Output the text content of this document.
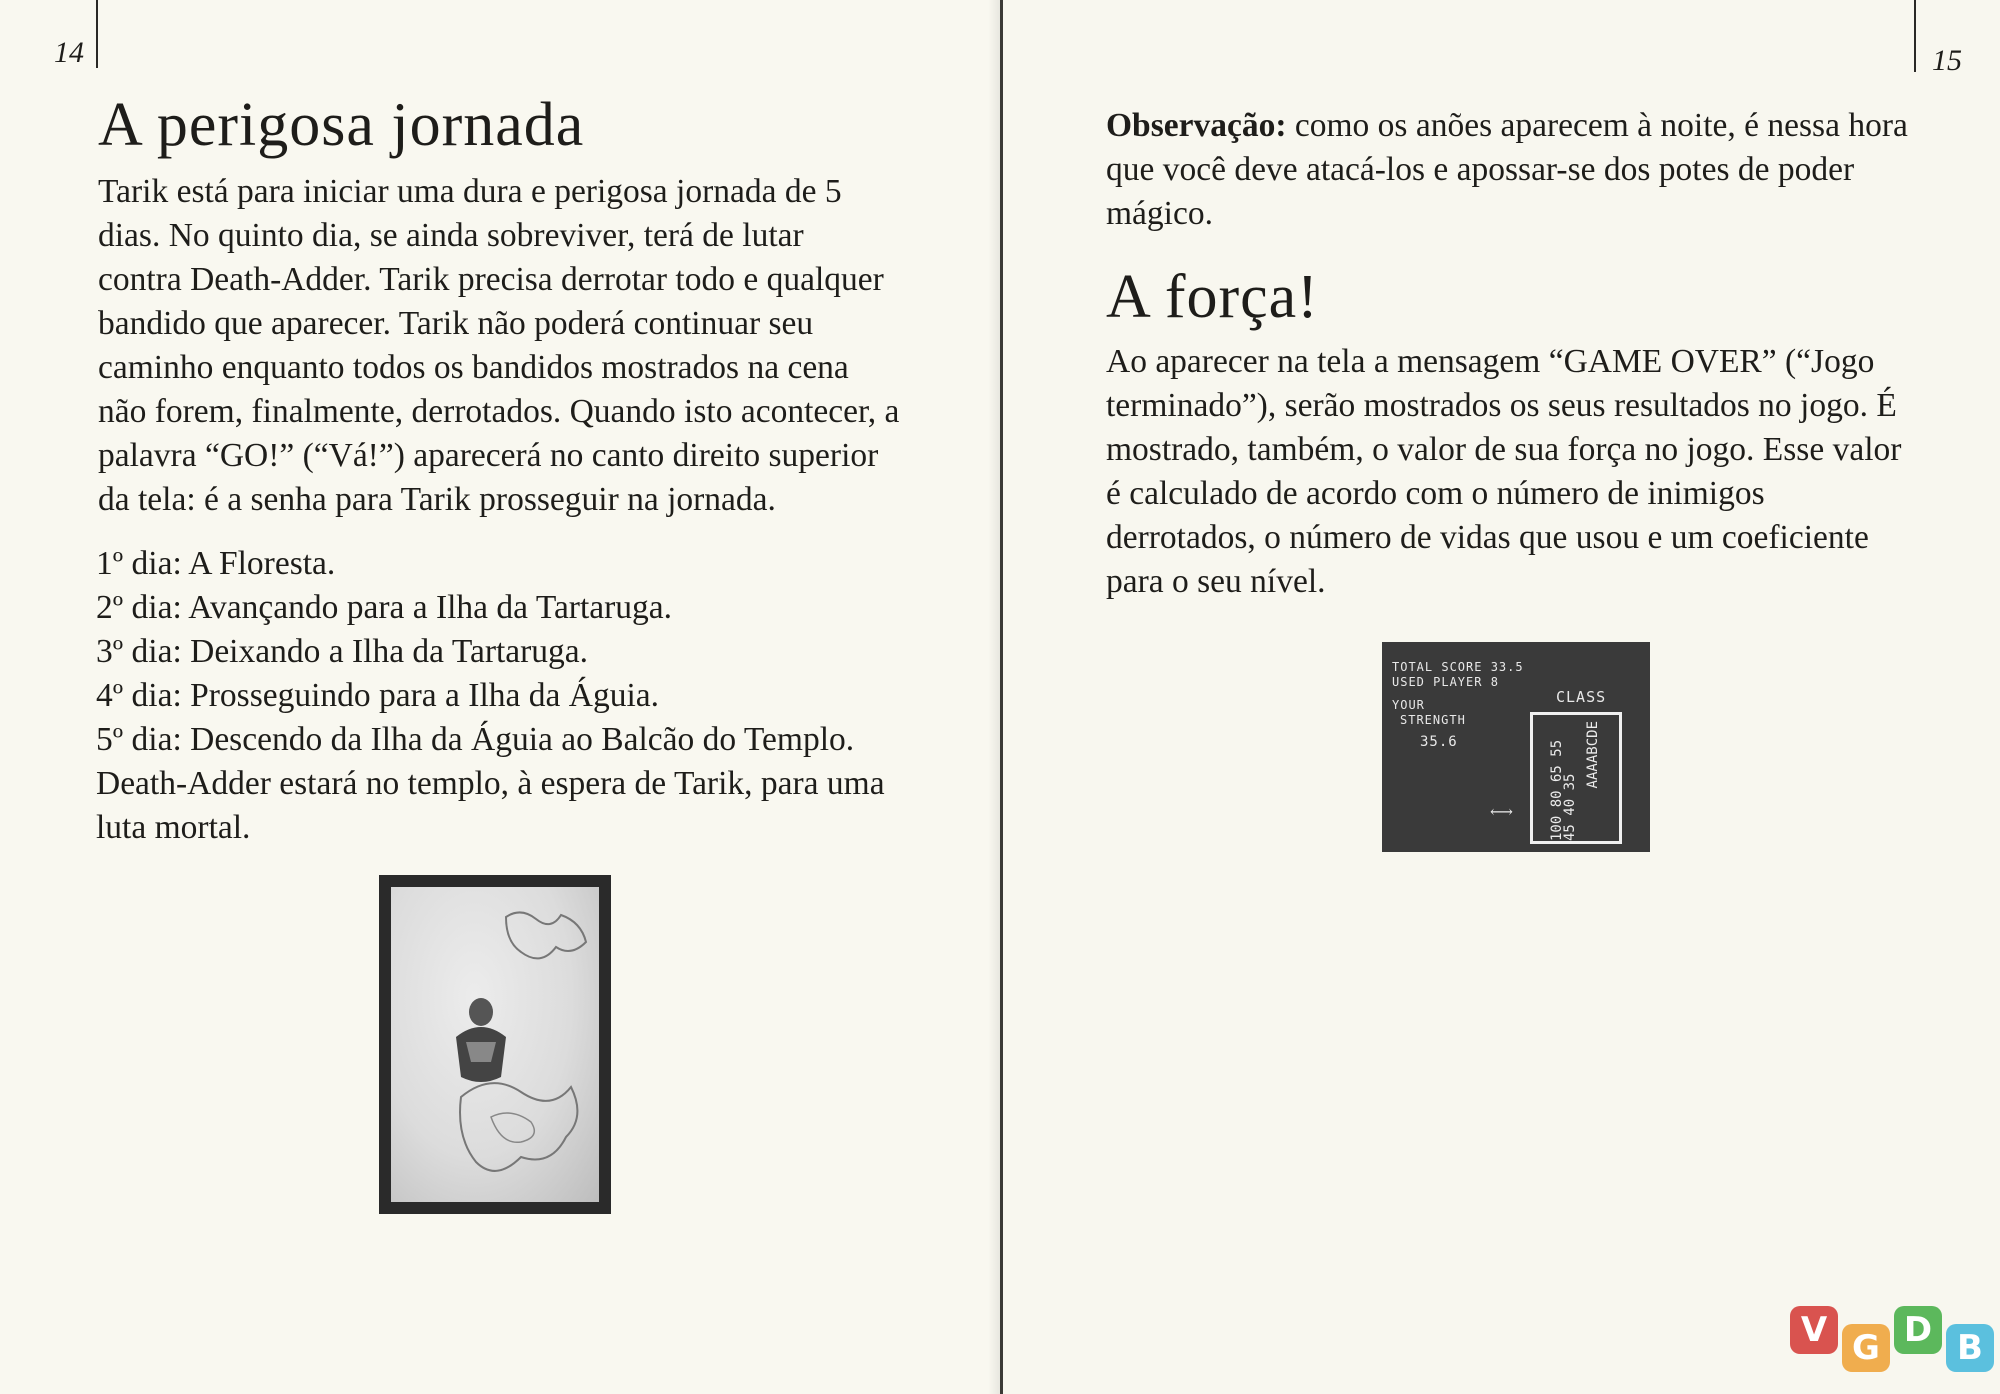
14	15
A perigosa jornada

Tarik está para iniciar uma dura e perigosa jornada de 5

dias. No quinto dia, se ainda sobreviver, terá de lutar

contra Death-Adder. Tarik precisa derrotar todo e qualquer

bandido que aparecer. Tarik não poderá continuar seu

caminho enquanto todos os bandidos mostrados na cena

não forem, finalmente, derrotados. Quando isto acontecer, a

palavra “GO!” (“Vá!”) aparecerá no canto direito superior

da tela: é a senha para Tarik prosseguir na jornada.

1º dia: A Floresta.

2º dia: Avançando para a Ilha da Tartaruga.

3º dia: Deixando a Ilha da Tartaruga.

4º dia: Prosseguindo para a Ilha da Águia.

5º dia: Descendo da Ilha da Águia ao Balcão do Templo.

Death-Adder estará no templo, à espera de Tarik, para uma

luta mortal.

Observação: como os anões aparecem à noite, é nessa hora

que você deve atacá-los e apossar-se dos potes de poder

mágico.

A força!

Ao aparecer na tela a mensagem “GAME OVER” (“Jogo

terminado”), serão mostrados os seus resultados no jogo. É

mostrado, também, o valor de sua força no jogo. Esse valor

é calculado de acordo com o número de inimigos

derrotados, o número de vidas que usou e um coeficiente

para o seu nível.

TOTAL SCORE 33.5
USED PLAYER 8
YOUR
STRENGTH
35.6
CLASS
100 80 65 55 45 40 35
AAAABCDE
⟷
V G D B
